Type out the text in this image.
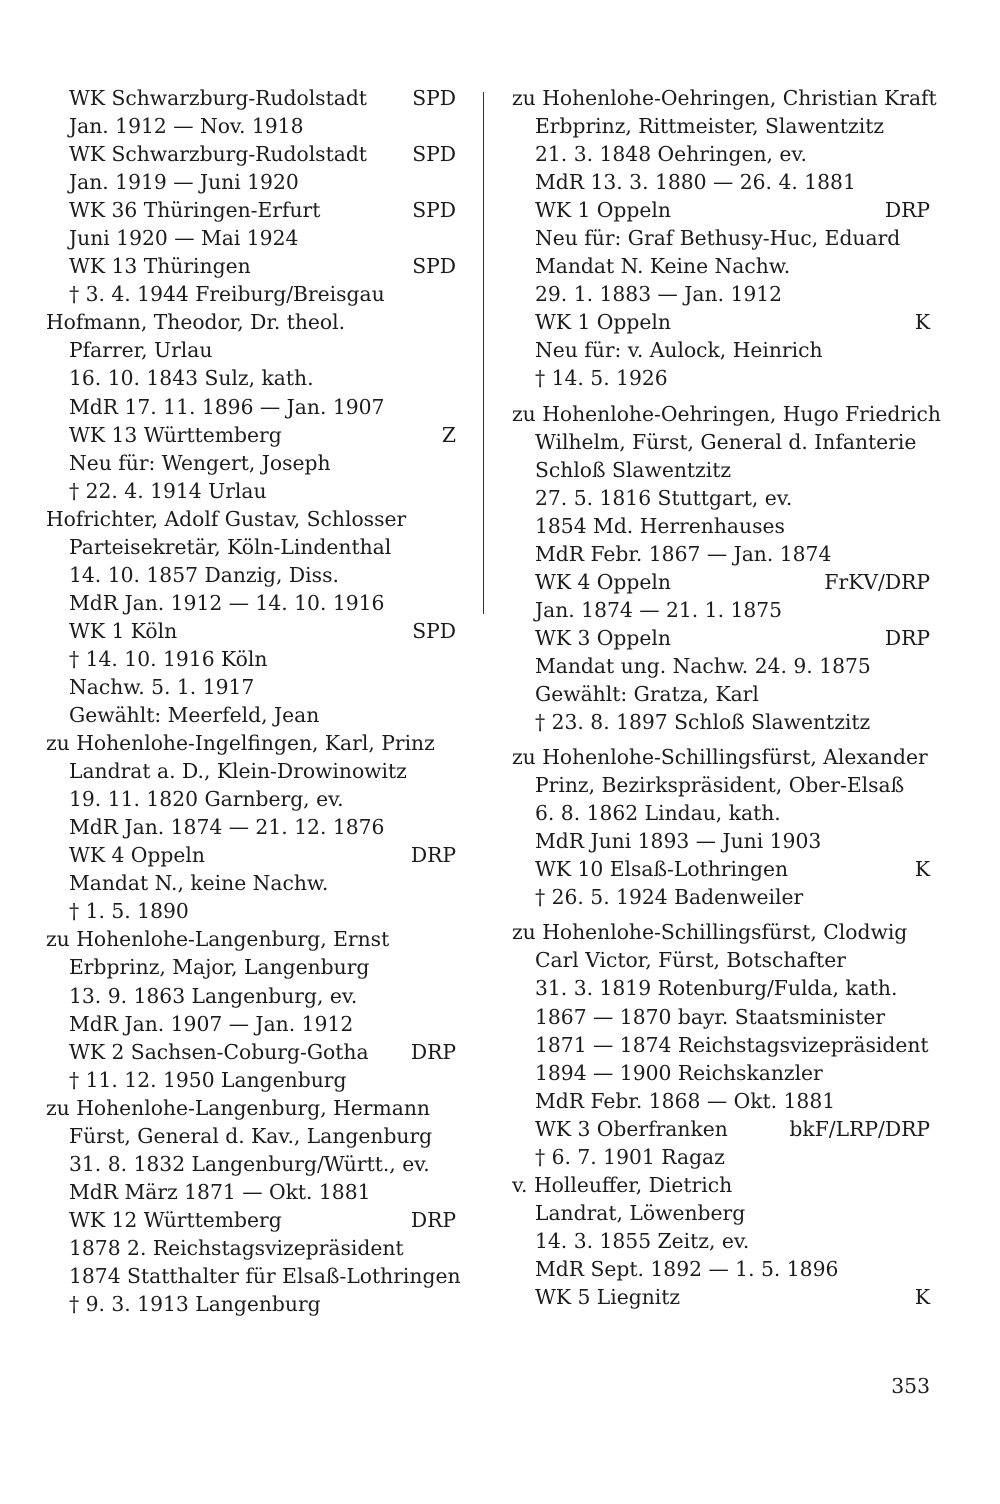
WK Schwarzburg-Rudolstadt SPD
Jan. 1912 — Nov. 1918
WK Schwarzburg-Rudolstadt SPD
Jan. 1919 — Juni 1920
WK 36 Thüringen-Erfurt	SPD
Juni 1920 — Mai 1924
WK 13 Thüringen	SPD
† 3. 4. 1944 Freiburg/Breisgau
Hofmann, Theodor, Dr. theol.
Pfarrer, Urlau
16. 10. 1843 Sulz, kath.
MdR 17. 11. 1896 — Jan. 1907
WK 13 Württemberg	Z
Neu für: Wengert, Joseph
† 22. 4. 1914 Urlau
Hofrichter, Adolf Gustav, Schlosser
Parteisekretär, Köln-Lindenthal
14. 10. 1857 Danzig, Diss.
MdR Jan. 1912 — 14. 10. 1916
WK 1 Köln	SPD
† 14. 10. 1916 Köln
Nachw. 5. 1. 1917
Gewählt: Meerfeld, Jean
zu Hohenlohe-Ingelfingen, Karl, Prinz
Landrat a. D., Klein-Drowinowitz
19. 11. 1820 Garnberg, ev.
MdR Jan. 1874 — 21. 12. 1876
WK 4 Oppeln	DRP
Mandat N., keine Nachw.
† 1. 5. 1890
zu Hohenlohe-Langenburg, Ernst
Erbprinz, Major, Langenburg
13. 9. 1863 Langenburg, ev.
MdR Jan. 1907 — Jan. 1912
WK 2 Sachsen-Coburg-Gotha DRP
† 11. 12. 1950 Langenburg
zu Hohenlohe-Langenburg, Hermann
Fürst, General d. Kav., Langenburg
31. 8. 1832 Langenburg/Württ., ev.
MdR März 1871 — Okt. 1881
WK 12 Württemberg	DRP
1878 2. Reichstagsvizepräsident
1874 Statthalter für Elsaß-Lothringen
† 9. 3. 1913 Langenburg
zu Hohenlohe-Oehringen, Christian Kraft
Erbprinz, Rittmeister, Slawentzitz
21. 3. 1848 Oehringen, ev.
MdR 13. 3. 1880 — 26. 4. 1881
WK 1 Oppeln	DRP
Neu für: Graf Bethusy-Huc, Eduard
Mandat N. Keine Nachw.
29. 1. 1883 — Jan. 1912
WK 1 Oppeln	K
Neu für: v. Aulock, Heinrich
† 14. 5. 1926
zu Hohenlohe-Oehringen, Hugo Friedrich
Wilhelm, Fürst, General d. Infanterie
Schloß Slawentzitz
27. 5. 1816 Stuttgart, ev.
1854 Md. Herrenhauses
MdR Febr. 1867 — Jan. 1874
WK 4 Oppeln	FrKV/DRP
Jan. 1874 — 21. 1. 1875
WK 3 Oppeln	DRP
Mandat ung. Nachw. 24. 9. 1875
Gewählt: Gratza, Karl
† 23. 8. 1897 Schloß Slawentzitz
zu Hohenlohe-Schillingsfürst, Alexander
Prinz, Bezirkspräsident, Ober-Elsaß
6. 8. 1862 Lindau, kath.
MdR Juni 1893 — Juni 1903
WK 10 Elsaß-Lothringen	K
† 26. 5. 1924 Badenweiler
zu Hohenlohe-Schillingsfürst, Clodwig
Carl Victor, Fürst, Botschafter
31. 3. 1819 Rotenburg/Fulda, kath.
1867 — 1870 bayr. Staatsminister
1871 — 1874 Reichstagsvizepräsident
1894 — 1900 Reichskanzler
MdR Febr. 1868 — Okt. 1881
WK 3 Oberfranken	bkF/LRP/DRP
† 6. 7. 1901 Ragaz
v. Holleuffer, Dietrich
Landrat, Löwenberg
14. 3. 1855 Zeitz, ev.
MdR Sept. 1892 — 1. 5. 1896
WK 5 Liegnitz	K
353
